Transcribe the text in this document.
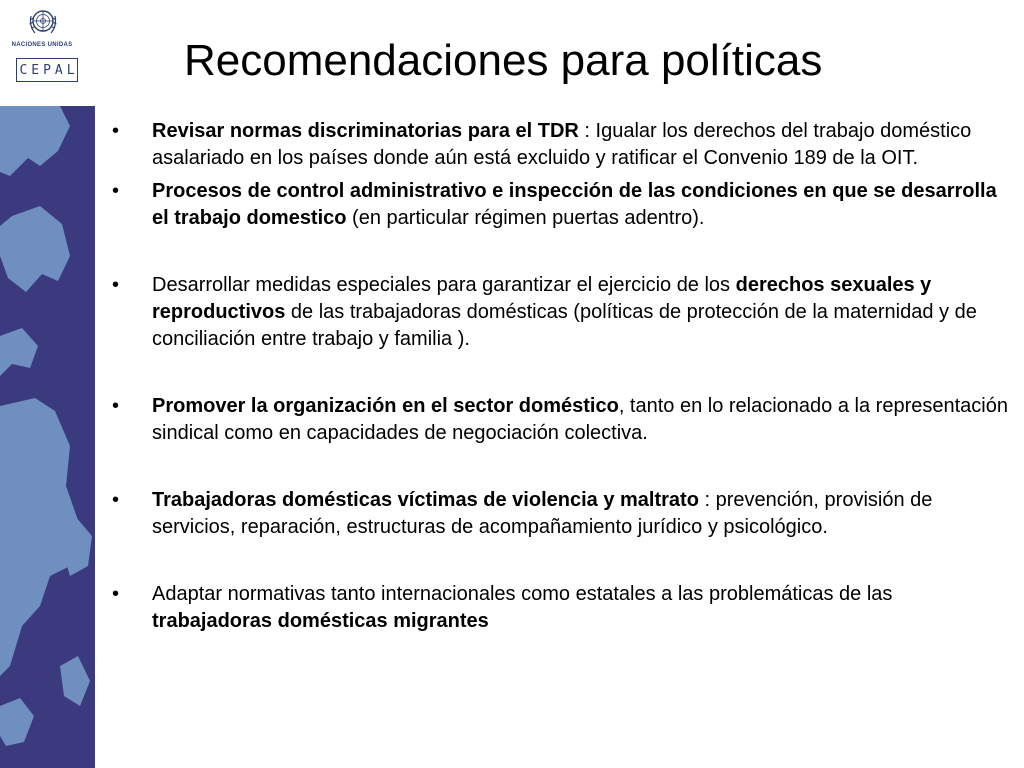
NACIONES UNIDAS
CEPAL Recomendaciones para políticas
• Revisar normas discriminatorias para el TDR : Igualar los derechos del trabajo doméstico asalariado en los países donde aún está excluido y ratificar el Convenio 189 de la OIT.
• Procesos de control administrativo e inspección de las condiciones en que se desarrolla el trabajo domestico (en particular régimen puertas adentro).
• Desarrollar medidas especiales para garantizar el ejercicio de los derechos sexuales y reproductivos de las trabajadoras domésticas (políticas de protección de la maternidad y de conciliación entre trabajo y familia ).
• Promover la organización en el sector doméstico, tanto en lo relacionado a la representación sindical como en capacidades de negociación colectiva.
• Trabajadoras domésticas víctimas de violencia y maltrato : prevención, provisión de servicios, reparación, estructuras de acompañamiento jurídico y psicológico.
• Adaptar normativas tanto internacionales como estatales a las problemáticas de las trabajadoras domésticas migrantes
